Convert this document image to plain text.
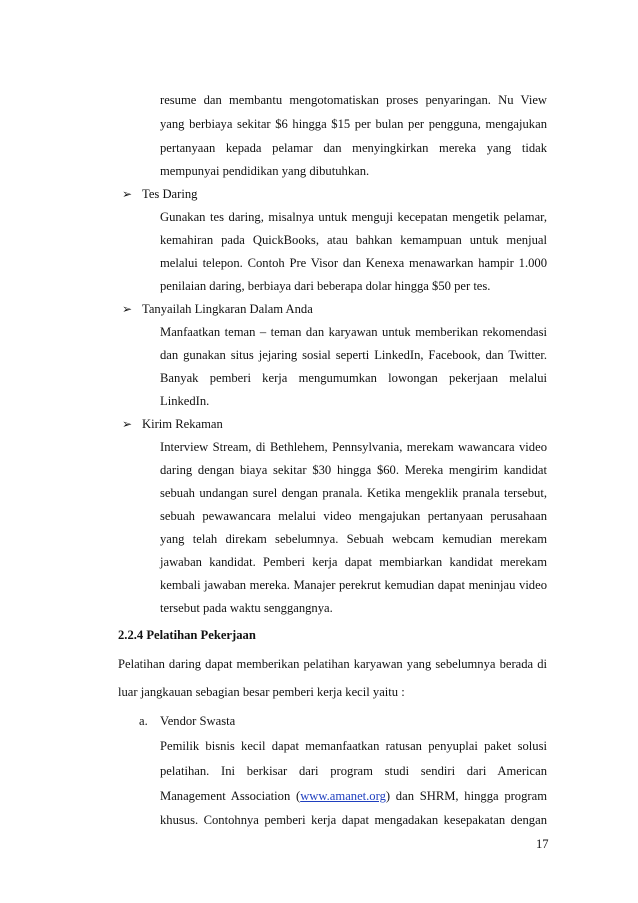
resume dan membantu mengotomatiskan proses penyaringan. Nu View
yang berbiaya sekitar $6 hingga $15 per bulan per pengguna, mengajukan
pertanyaan kepada pelamar dan menyingkirkan mereka yang tidak
mempunyai pendidikan yang dibutuhkan.
➢ Tes Daring
Gunakan tes daring, misalnya untuk menguji kecepatan mengetik pelamar,
kemahiran pada QuickBooks, atau bahkan kemampuan untuk menjual
melalui telepon. Contoh Pre Visor dan Kenexa menawarkan hampir 1.000
penilaian daring, berbiaya dari beberapa dolar hingga $50 per tes.
➢ Tanyailah Lingkaran Dalam Anda
Manfaatkan teman – teman dan karyawan untuk memberikan rekomendasi
dan gunakan situs jejaring sosial seperti LinkedIn, Facebook, dan Twitter.
Banyak pemberi kerja mengumumkan lowongan pekerjaan melalui
LinkedIn.
➢ Kirim Rekaman
Interview Stream, di Bethlehem, Pennsylvania, merekam wawancara video
daring dengan biaya sekitar $30 hingga $60. Mereka mengirim kandidat
sebuah undangan surel dengan pranala. Ketika mengeklik pranala tersebut,
sebuah pewawancara melalui video mengajukan pertanyaan perusahaan
yang telah direkam sebelumnya. Sebuah webcam kemudian merekam
jawaban kandidat. Pemberi kerja dapat membiarkan kandidat merekam
kembali jawaban mereka. Manajer perekrut kemudian dapat meninjau video
tersebut pada waktu senggangnya.
2.2.4 Pelatihan Pekerjaan
Pelatihan daring dapat memberikan pelatihan karyawan yang sebelumnya berada di
luar jangkauan sebagian besar pemberi kerja kecil yaitu :
a. Vendor Swasta
Pemilik bisnis kecil dapat memanfaatkan ratusan penyuplai paket solusi
pelatihan. Ini berkisar dari program studi sendiri dari American
Management Association (www.amanet.org) dan SHRM, hingga program
khusus. Contohnya pemberi kerja dapat mengadakan kesepakatan dengan
17
